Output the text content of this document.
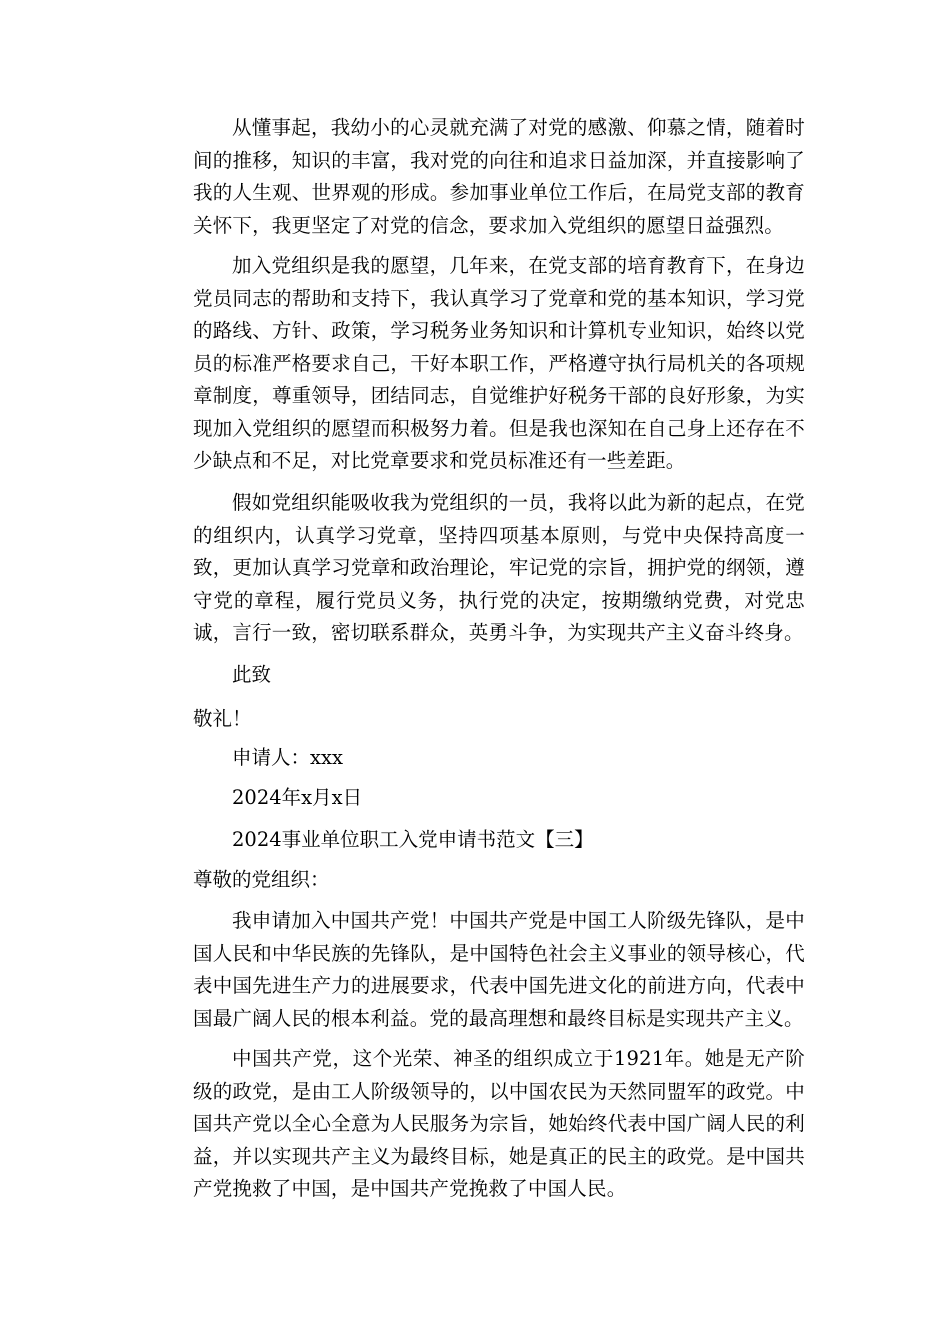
从懂事起，我幼小的心灵就充满了对党的感激、仰慕之情，随着时间的推移，知识的丰富，我对党的向往和追求日益加深，并直接影响了我的人生观、世界观的形成。参加事业单位工作后，在局党支部的教育关怀下，我更坚定了对党的信念，要求加入党组织的愿望日益强烈。

加入党组织是我的愿望，几年来，在党支部的培育教育下，在身边党员同志的帮助和支持下，我认真学习了党章和党的基本知识，学习党的路线、方针、政策，学习税务业务知识和计算机专业知识，始终以党员的标准严格要求自己，干好本职工作，严格遵守执行局机关的各项规章制度，尊重领导，团结同志，自觉维护好税务干部的良好形象，为实现加入党组织的愿望而积极努力着。但是我也深知在自己身上还存在不少缺点和不足，对比党章要求和党员标准还有一些差距。

假如党组织能吸收我为党组织的一员，我将以此为新的起点，在党的组织内，认真学习党章，坚持四项基本原则，与党中央保持高度一致，更加认真学习党章和政治理论，牢记党的宗旨，拥护党的纲领，遵守党的章程，履行党员义务，执行党的决定，按期缴纳党费，对党忠诚，言行一致，密切联系群众，英勇斗争，为实现共产主义奋斗终身。

此致

敬礼！

申请人：xxx

2024年x月x日

2024事业单位职工入党申请书范文【三】

尊敬的党组织：

我申请加入中国共产党！中国共产党是中国工人阶级先锋队，是中国人民和中华民族的先锋队，是中国特色社会主义事业的领导核心，代表中国先进生产力的进展要求，代表中国先进文化的前进方向，代表中国最广阔人民的根本利益。党的最高理想和最终目标是实现共产主义。

中国共产党，这个光荣、神圣的组织成立于1921年。她是无产阶级的政党，是由工人阶级领导的，以中国农民为天然同盟军的政党。中国共产党以全心全意为人民服务为宗旨，她始终代表中国广阔人民的利益，并以实现共产主义为最终目标，她是真正的民主的政党。是中国共产党挽救了中国，是中国共产党挽救了中国人民。
